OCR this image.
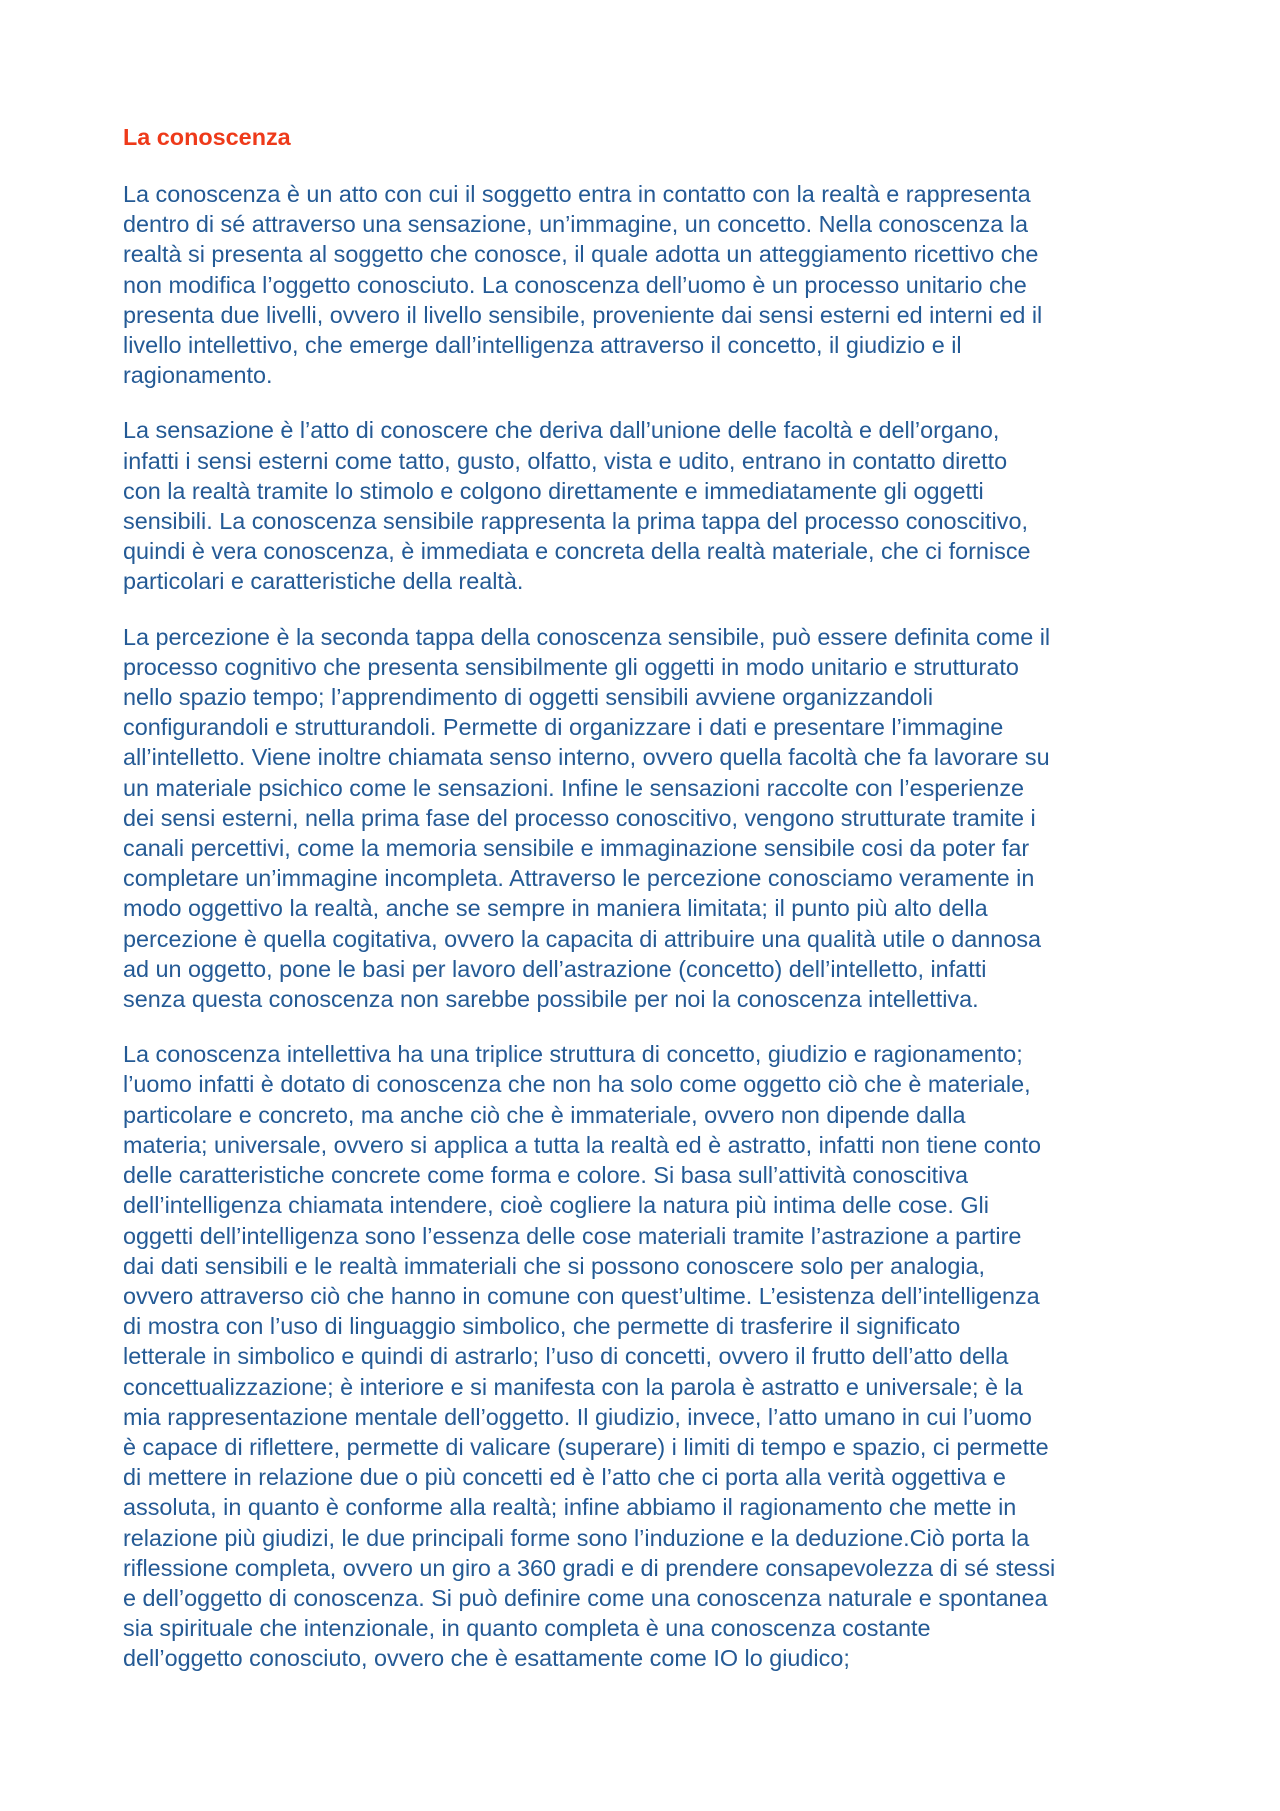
La conoscenza
La conoscenza è un atto con cui il soggetto entra in contatto con la realtà e rappresenta
dentro di sé attraverso una sensazione, un’immagine, un concetto. Nella conoscenza la
realtà si presenta al soggetto che conosce, il quale adotta un atteggiamento ricettivo che
non modifica l’oggetto conosciuto. La conoscenza dell’uomo è un processo unitario che
presenta due livelli, ovvero il livello sensibile, proveniente dai sensi esterni ed interni ed il
livello intellettivo, che emerge dall’intelligenza attraverso il concetto, il giudizio e il
ragionamento.
La sensazione è l’atto di conoscere che deriva dall’unione delle facoltà e dell’organo,
infatti i sensi esterni come tatto, gusto, olfatto, vista e udito, entrano in contatto diretto
con la realtà tramite lo stimolo e colgono direttamente e immediatamente gli oggetti
sensibili. La conoscenza sensibile rappresenta la prima tappa del processo conoscitivo,
quindi è vera conoscenza, è immediata e concreta della realtà materiale, che ci fornisce
particolari e caratteristiche della realtà.
La percezione è la seconda tappa della conoscenza sensibile, può essere definita come il
processo cognitivo che presenta sensibilmente gli oggetti in modo unitario e strutturato
nello spazio tempo; l’apprendimento di oggetti sensibili avviene organizzandoli
configurandoli e strutturandoli. Permette di organizzare i dati e presentare l’immagine
all’intelletto. Viene inoltre chiamata senso interno, ovvero quella facoltà che fa lavorare su
un materiale psichico come le sensazioni. Infine le sensazioni raccolte con l’esperienze
dei sensi esterni, nella prima fase del processo conoscitivo, vengono strutturate tramite i
canali percettivi, come la memoria sensibile e immaginazione sensibile cosi da poter far
completare un’immagine incompleta. Attraverso le percezione conosciamo veramente in
modo oggettivo la realtà, anche se sempre in maniera limitata; il punto più alto della
percezione è quella cogitativa, ovvero la capacita di attribuire una qualità utile o dannosa
ad un oggetto, pone le basi per lavoro dell’astrazione (concetto) dell’intelletto, infatti
senza questa conoscenza non sarebbe possibile per noi la conoscenza intellettiva.
La conoscenza intellettiva ha una triplice struttura di concetto, giudizio e ragionamento;
l’uomo infatti è dotato di conoscenza che non ha solo come oggetto ciò che è materiale,
particolare e concreto, ma anche ciò che è immateriale, ovvero non dipende dalla
materia; universale, ovvero si applica a tutta la realtà ed è astratto, infatti non tiene conto
delle caratteristiche concrete come forma e colore. Si basa sull’attività conoscitiva
dell’intelligenza chiamata intendere, cioè cogliere la natura più intima delle cose. Gli
oggetti dell’intelligenza sono l’essenza delle cose materiali tramite l’astrazione a partire
dai dati sensibili e le realtà immateriali che si possono conoscere solo per analogia,
ovvero attraverso ciò che hanno in comune con quest’ultime. L’esistenza dell’intelligenza
di mostra con l’uso di linguaggio simbolico, che permette di trasferire il significato
letterale in simbolico e quindi di astrarlo; l’uso di concetti, ovvero il frutto dell’atto della
concettualizzazione; è interiore e si manifesta con la parola è astratto e universale; è la
mia rappresentazione mentale dell’oggetto. Il giudizio, invece, l’atto umano in cui l’uomo
è capace di riflettere, permette di valicare (superare) i limiti di tempo e spazio, ci permette
di mettere in relazione due o più concetti ed è l’atto che ci porta alla verità oggettiva e
assoluta, in quanto è conforme alla realtà; infine abbiamo il ragionamento che mette in
relazione più giudizi, le due principali forme sono l’induzione e la deduzione.Ciò porta la
riflessione completa, ovvero un giro a 360 gradi e di prendere consapevolezza di sé stessi
e dell’oggetto di conoscenza. Si può definire come una conoscenza naturale e spontanea
sia spirituale che intenzionale, in quanto completa è una conoscenza costante
dell’oggetto conosciuto, ovvero che è esattamente come IO lo giudico;
